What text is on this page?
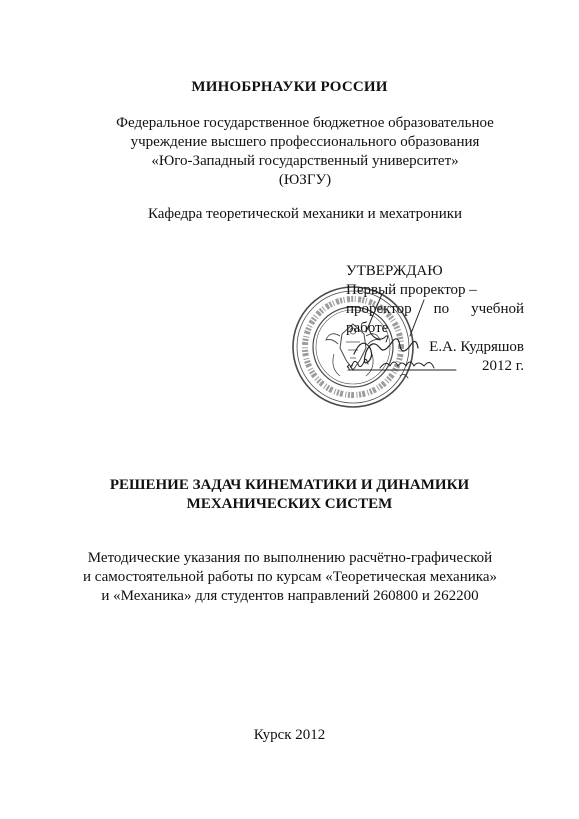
МИНОБРНАУКИ РОССИИ
Федеральное государственное бюджетное образовательное
учреждение высшего профессионального образования
«Юго-Западный государственный университет»
(ЮЗГУ)
Кафедра теоретической механики и мехатроники
УТВЕРЖДАЮ
Первый проректор –
проректор по учебной
работе
Е.А. Кудряшов
«	2012 г.
РЕШЕНИЕ ЗАДАЧ КИНЕМАТИКИ И ДИНАМИКИ
МЕХАНИЧЕСКИХ СИСТЕМ
Методические указания по выполнению расчётно-графической
и самостоятельной работы по курсам «Теоретическая механика»
и «Механика» для студентов направлений 260800 и 262200
Курск 2012
